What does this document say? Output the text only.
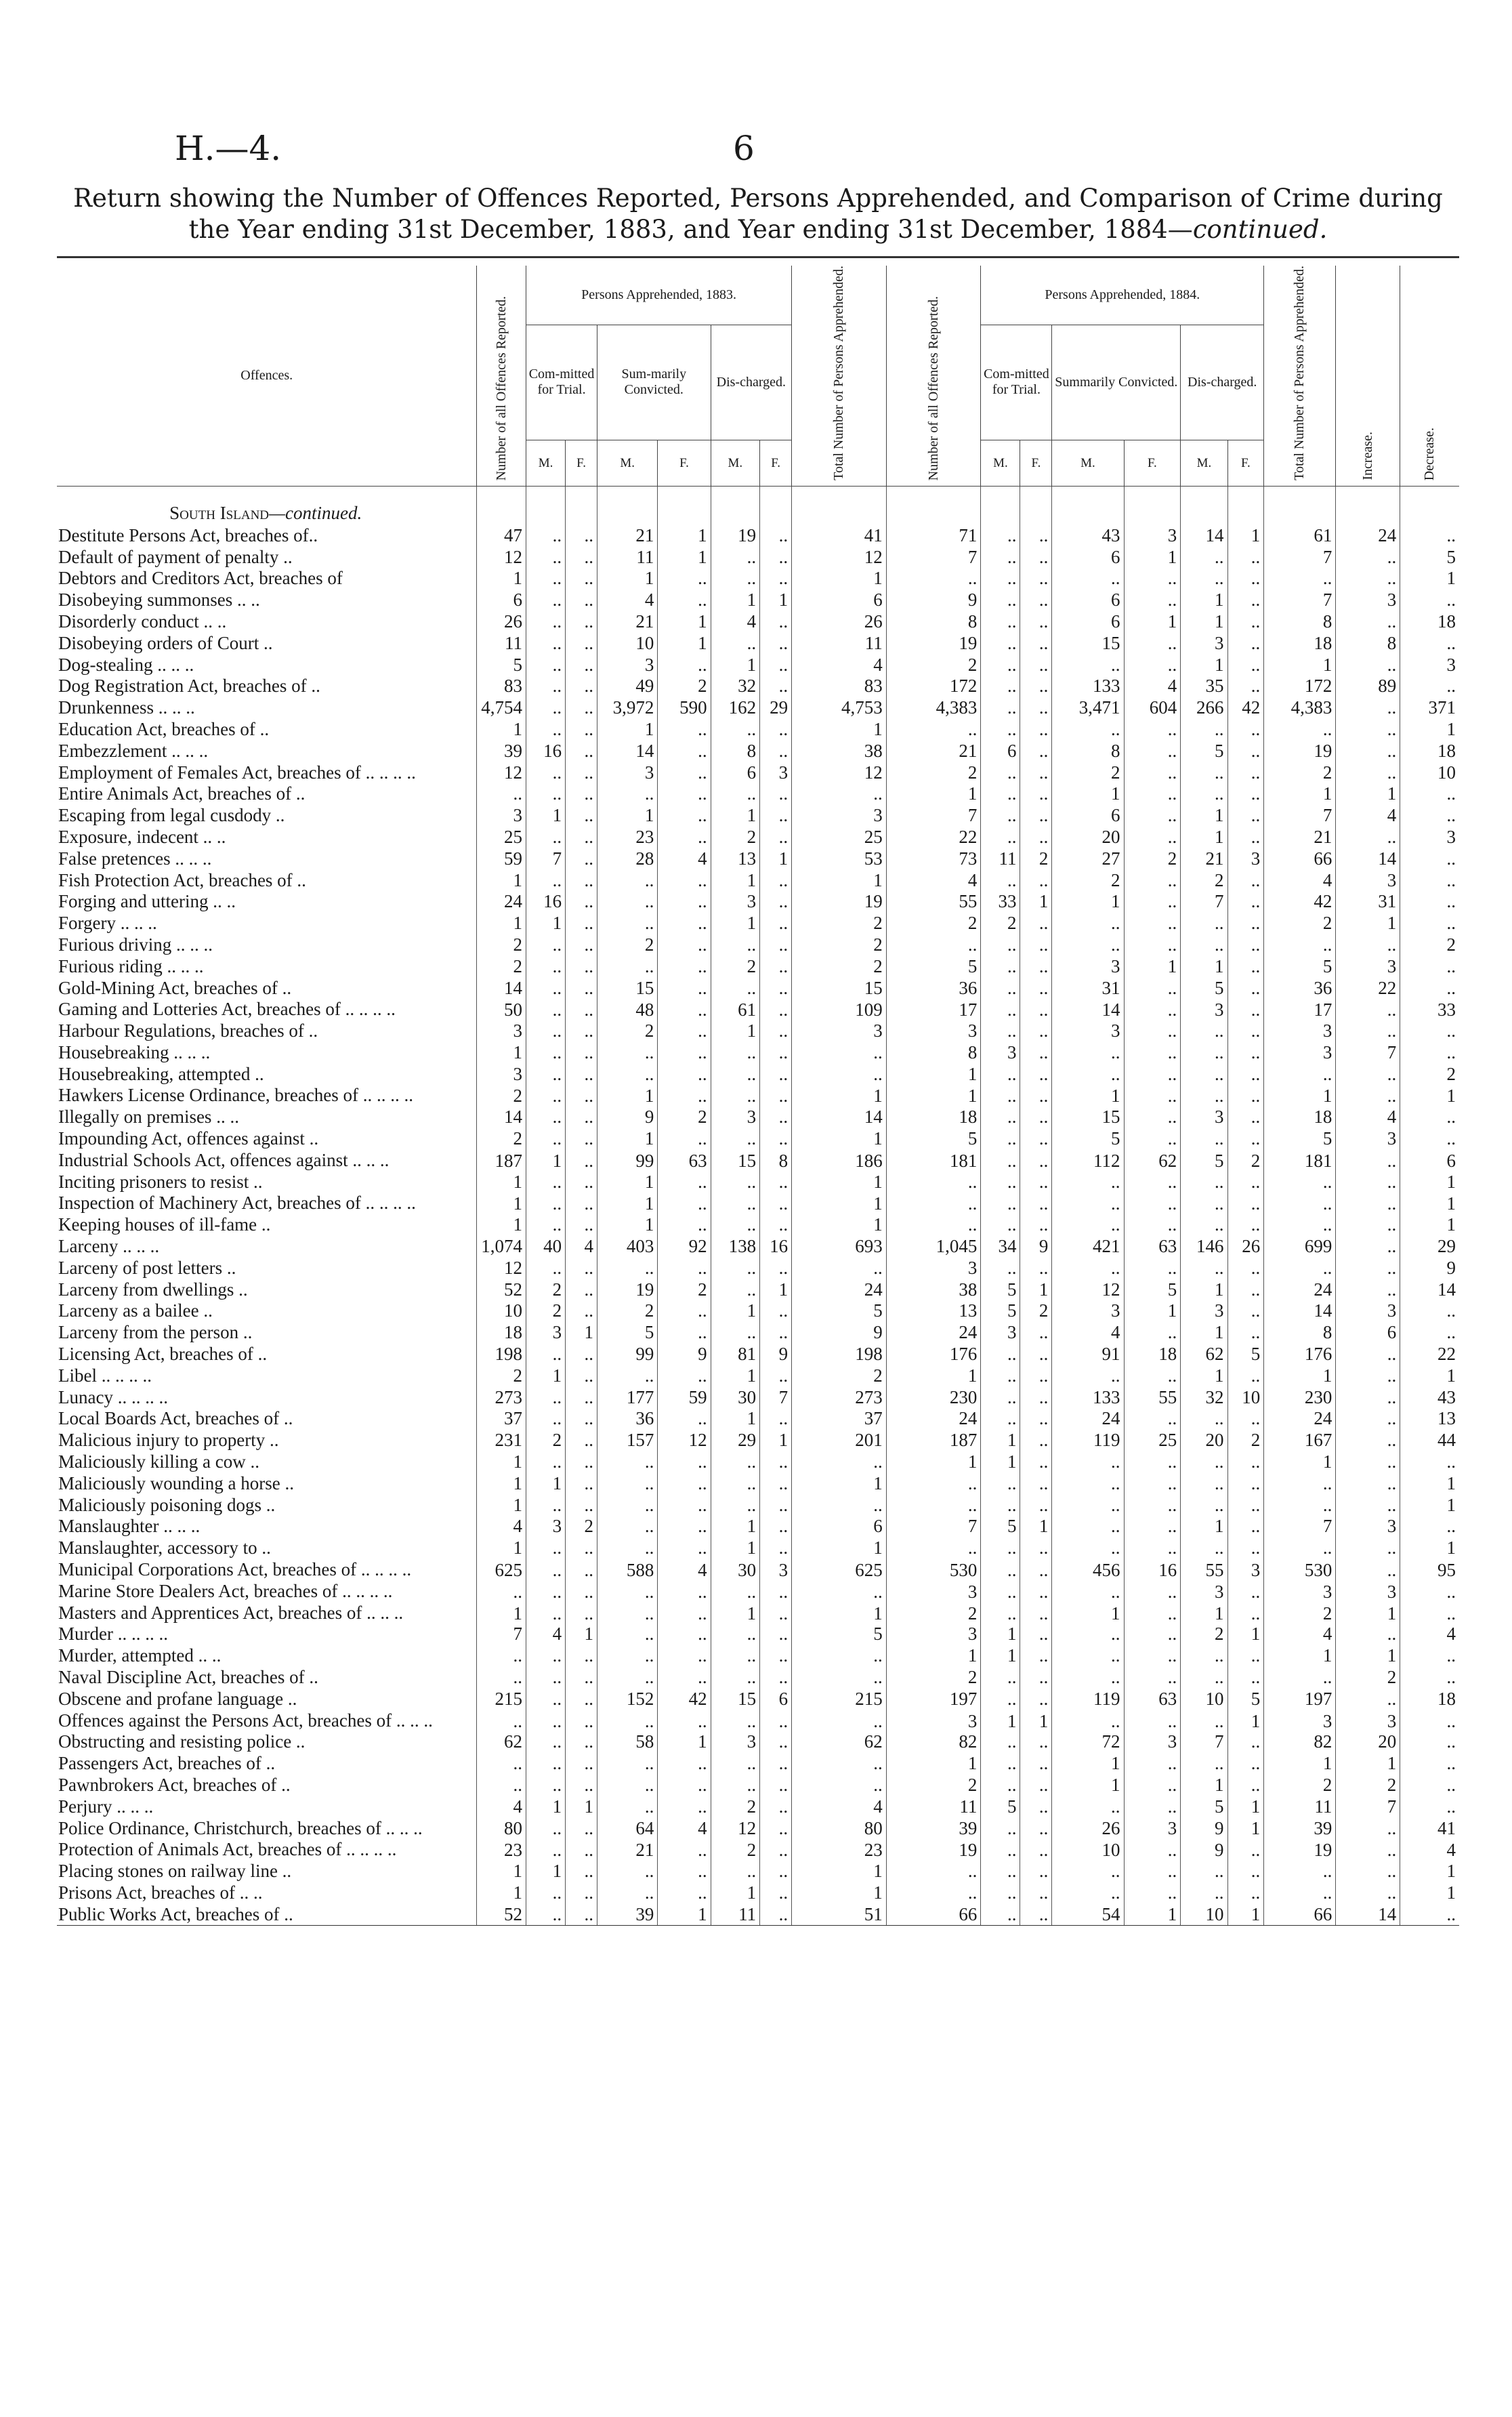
H.—4.	6
Return showing the Number of Offences Reported, Persons Apprehended, and Comparison of Crime during
the Year ending 31st December, 1883, and Year ending 31st December, 1884—continued.
Offences.	Number of all Offences Reported.	Persons Apprehended, 1883.						Total Number of Persons Apprehended.	Number of all Offences Reported.	Persons Apprehended, 1884.						Total Number of Persons Apprehended.	Increase.	Decrease.

		Com-mitted for Trial.		Sum-marily Convicted.		Dis-charged.				Com-mitted for Trial.		Summarily Convicted.		Dis-charged.				
		M.	F.	M.	F.	M.	F.			M.	F.	M.	F.	M.	F.			
South Island—continued.																		
Destitute Persons Act, breaches of..	47	..	..	21	1	19	..	41	71	..	..	43	3	14	1	61	24	..
Default of payment of penalty ..	12	..	..	11	1	..	..	12	7	..	..	6	1	..	..	7	..	5
Debtors and Creditors Act, breaches of	1	..	..	1	..	..	..	1	..	..	..	..	..	..	..	..	..	1
Disobeying summonses .. ..	6	..	..	4	..	1	1	6	9	..	..	6	..	1	..	7	3	..
Disorderly conduct .. ..	26	..	..	21	1	4	..	26	8	..	..	6	1	1	..	8	..	18
Disobeying orders of Court ..	11	..	..	10	1	..	..	11	19	..	..	15	..	3	..	18	8	..
Dog-stealing .. .. ..	5	..	..	3	..	1	..	4	2	..	..	..	..	1	..	1	..	3
Dog Registration Act, breaches of ..	83	..	..	49	2	32	..	83	172	..	..	133	4	35	..	172	89	..
Drunkenness .. .. ..	4,754	..	..	3,972	590	162	29	4,753	4,383	..	..	3,471	604	266	42	4,383	..	371
Education Act, breaches of ..	1	..	..	1	..	..	..	1	..	..	..	..	..	..	..	..	..	1
Embezzlement .. .. ..	39	16	..	14	..	8	..	38	21	6	..	8	..	5	..	19	..	18
Employment of Females Act, breaches of .. .. .. ..	12	..	..	3	..	6	3	12	2	..	..	2	..	..	..	2	..	10
Entire Animals Act, breaches of ..	..	..	..	..	..	..	..	..	1	..	..	1	..	..	..	1	1	..
Escaping from legal cusdody ..	3	1	..	1	..	1	..	3	7	..	..	6	..	1	..	7	4	..
Exposure, indecent .. ..	25	..	..	23	..	2	..	25	22	..	..	20	..	1	..	21	..	3
False pretences .. .. ..	59	7	..	28	4	13	1	53	73	11	2	27	2	21	3	66	14	..
Fish Protection Act, breaches of ..	1	..	..	..	..	1	..	1	4	..	..	2	..	2	..	4	3	..
Forging and uttering .. ..	24	16	..	..	..	3	..	19	55	33	1	1	..	7	..	42	31	..
Forgery .. .. ..	1	1	..	..	..	1	..	2	2	2	..	..	..	..	..	2	1	..
Furious driving .. .. ..	2	..	..	2	..	..	..	2	..	..	..	..	..	..	..	..	..	2
Furious riding .. .. ..	2	..	..	..	..	2	..	2	5	..	..	3	1	1	..	5	3	..
Gold-Mining Act, breaches of ..	14	..	..	15	..	..	..	15	36	..	..	31	..	5	..	36	22	..
Gaming and Lotteries Act, breaches of .. .. .. ..	50	..	..	48	..	61	..	109	17	..	..	14	..	3	..	17	..	33
Harbour Regulations, breaches of ..	3	..	..	2	..	1	..	3	3	..	..	3	..	..	..	3	..	..
Housebreaking .. .. ..	1	..	..	..	..	..	..	..	8	3	..	..	..	..	..	3	7	..
Housebreaking, attempted ..	3	..	..	..	..	..	..	..	1	..	..	..	..	..	..	..	..	2
Hawkers License Ordinance, breaches of .. .. .. ..	2	..	..	1	..	..	..	1	1	..	..	1	..	..	..	1	..	1
Illegally on premises .. ..	14	..	..	9	2	3	..	14	18	..	..	15	..	3	..	18	4	..
Impounding Act, offences against ..	2	..	..	1	..	..	..	1	5	..	..	5	..	..	..	5	3	..
Industrial Schools Act, offences against .. .. ..	187	1	..	99	63	15	8	186	181	..	..	112	62	5	2	181	..	6
Inciting prisoners to resist ..	1	..	..	1	..	..	..	1	..	..	..	..	..	..	..	..	..	1
Inspection of Machinery Act, breaches of .. .. .. ..	1	..	..	1	..	..	..	1	..	..	..	..	..	..	..	..	..	1
Keeping houses of ill-fame ..	1	..	..	1	..	..	..	1	..	..	..	..	..	..	..	..	..	1
Larceny .. .. ..	1,074	40	4	403	92	138	16	693	1,045	34	9	421	63	146	26	699	..	29
Larceny of post letters ..	12	..	..	..	..	..	..	..	3	..	..	..	..	..	..	..	..	9
Larceny from dwellings ..	52	2	..	19	2	..	1	24	38	5	1	12	5	1	..	24	..	14
Larceny as a bailee ..	10	2	..	2	..	1	..	5	13	5	2	3	1	3	..	14	3	..
Larceny from the person ..	18	3	1	5	..	..	..	9	24	3	..	4	..	1	..	8	6	..
Licensing Act, breaches of ..	198	..	..	99	9	81	9	198	176	..	..	91	18	62	5	176	..	22
Libel .. .. .. ..	2	1	..	..	..	1	..	2	1	..	..	..	..	1	..	1	..	1
Lunacy .. .. .. ..	273	..	..	177	59	30	7	273	230	..	..	133	55	32	10	230	..	43
Local Boards Act, breaches of ..	37	..	..	36	..	1	..	37	24	..	..	24	..	..	..	24	..	13
Malicious injury to property ..	231	2	..	157	12	29	1	201	187	1	..	119	25	20	2	167	..	44
Maliciously killing a cow ..	1	..	..	..	..	..	..	..	1	1	..	..	..	..	..	1	..	..
Maliciously wounding a horse ..	1	1	..	..	..	..	..	1	..	..	..	..	..	..	..	..	..	1
Maliciously poisoning dogs ..	1	..	..	..	..	..	..	..	..	..	..	..	..	..	..	..	..	1
Manslaughter .. .. ..	4	3	2	..	..	1	..	6	7	5	1	..	..	1	..	7	3	..
Manslaughter, accessory to ..	1	..	..	..	..	1	..	1	..	..	..	..	..	..	..	..	..	1
Municipal Corporations Act, breaches of .. .. .. ..	625	..	..	588	4	30	3	625	530	..	..	456	16	55	3	530	..	95
Marine Store Dealers Act, breaches of .. .. .. ..	..	..	..	..	..	..	..	..	3	..	..	..	..	3	..	3	3	..
Masters and Apprentices Act, breaches of .. .. ..	1	..	..	..	..	1	..	1	2	..	..	1	..	1	..	2	1	..
Murder .. .. .. ..	7	4	1	..	..	..	..	5	3	1	..	..	..	2	1	4	..	4
Murder, attempted .. ..	..	..	..	..	..	..	..	..	1	1	..	..	..	..	..	1	1	..
Naval Discipline Act, breaches of ..	..	..	..	..	..	..	..	..	2	..	..	..	..	..	..	..	2	..
Obscene and profane language ..	215	..	..	152	42	15	6	215	197	..	..	119	63	10	5	197	..	18
Offences against the Persons Act, breaches of .. .. ..	..	..	..	..	..	..	..	..	3	1	1	..	..	..	1	3	3	..
Obstructing and resisting police ..	62	..	..	58	1	3	..	62	82	..	..	72	3	7	..	82	20	..
Passengers Act, breaches of ..	..	..	..	..	..	..	..	..	1	..	..	1	..	..	..	1	1	..
Pawnbrokers Act, breaches of ..	..	..	..	..	..	..	..	..	2	..	..	1	..	1	..	2	2	..
Perjury .. .. ..	4	1	1	..	..	2	..	4	11	5	..	..	..	5	1	11	7	..
Police Ordinance, Christchurch, breaches of .. .. ..	80	..	..	64	4	12	..	80	39	..	..	26	3	9	1	39	..	41
Protection of Animals Act, breaches of .. .. .. ..	23	..	..	21	..	2	..	23	19	..	..	10	..	9	..	19	..	4
Placing stones on railway line ..	1	1	..	..	..	..	..	1	..	..	..	..	..	..	..	..	..	1
Prisons Act, breaches of .. ..	1	..	..	..	..	1	..	1	..	..	..	..	..	..	..	..	..	1
Public Works Act, breaches of ..	52	..	..	39	1	11	..	51	66	..	..	54	1	10	1	66	14	..
